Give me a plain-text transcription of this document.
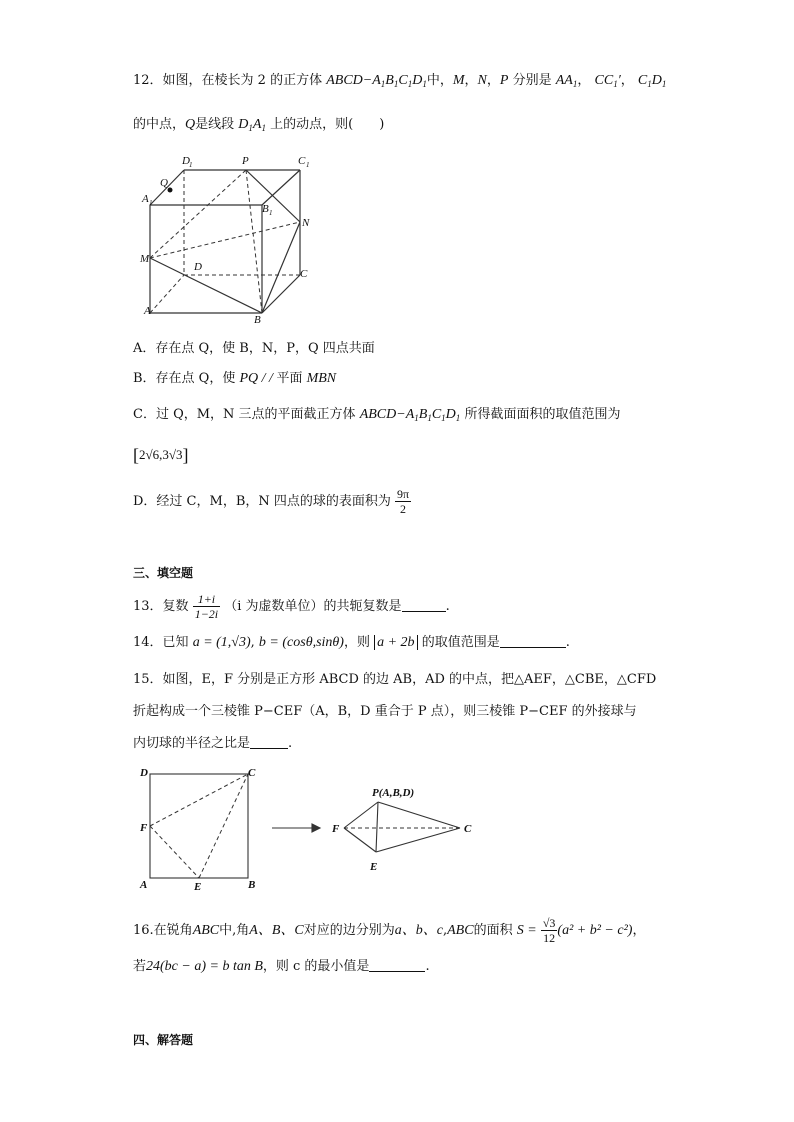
12．如图，在棱长为 2 的正方体 $ABCD-A_1B_1C_1D_1$中，M，N，P 分别是 $AA_1$， $CC_1'$， $C_1D_1$
的中点，Q是线段 $D_1A_1$ 上的动点，则(　　)
D 1	P	C 1
Q
A 1	B 1
N
M
D
C
A
B
A．存在点 Q，使 B，N，P，Q 四点共面
B．存在点 Q，使 PQ / / 平面 MBN
C．过 Q，M，N 三点的平面截正方体 $ABCD-A_1B_1C_1D_1$ 所得截面面积的取值范围为
[2√6,3√3]
D．经过 C，M，B，N 四点的球的表面积为 $\frac{9\pi}{2}$
三、填空题
13．复数 $\frac{1+i}{1-2i} (i$ 为虚数单位）的共轭复数是	.
14．已知 a = (1,√3), b = (cosθ,sinθ)，则 a + 2b 的取值范围是	.
15．如图，E，F 分别是正方形 ABCD 的边 AB，AD 的中点，把△AEF，△CBE，△CFD
折起构成一个三棱锥 P−CEF（A，B，D 重合于 P 点），则三棱锥 P−CEF 的外接球与
内切球的半径之比是	.
D	C
F
A	E	B
P(A,B,D)
F	C
E
16.在锐角ABC中,角A、B、C对应的边分别为a、b、c,ABC的面积 $S = \frac{√3}{12} (a^2 + b^2 - c^2)$，
若24(bc − a) = b tan B，则 c 的最小值是	.
四、解答题
